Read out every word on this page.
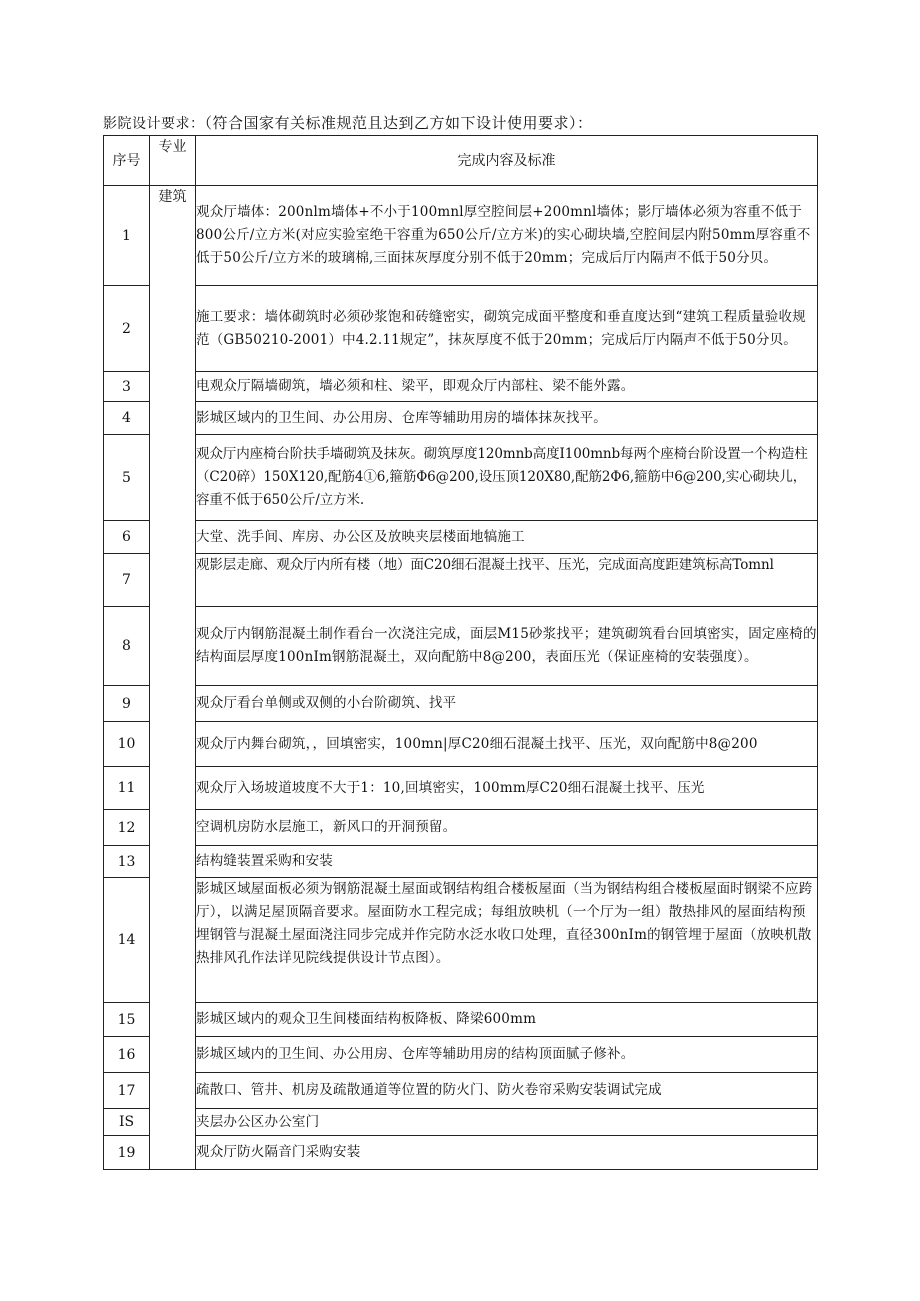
影院设计要求：（符合国家有关标准规范且达到乙方如下设计使用要求）：
序号	专业	完成内容及标准
1	建筑	观众厅墙体：200nlm墙体+不小于100mnl厚空腔间层+200mnl墙体；影厅墙体必须为容重不低于800公斤/立方米(对应实验室绝干容重为650公斤/立方米)的实心砌块墙,空腔间层内附50mm厚容重不低于50公斤/立方米的玻璃棉,三面抹灰厚度分别不低于20mm；完成后厅内隔声不低于50分贝。
2		施工要求：墙体砌筑时必须砂浆饱和砖缝密实，砌筑完成面平整度和垂直度达到“建筑工程质量验收规范（GB50210-2001）中4.2.11规定”，抹灰厚度不低于20mm；完成后厅内隔声不低于50分贝。
3		电观众厅隔墙砌筑，墙必须和柱、梁平，即观众厅内部柱、梁不能外露。
4		影城区域内的卫生间、办公用房、仓库等辅助用房的墙体抹灰找平。
5		观众厅内座椅台阶扶手墙砌筑及抹灰。砌筑厚度120mnb高度I100mnb每两个座椅台阶设置一个构造柱（C20碎）150X120,配筋4①6,箍筋Φ6@200,设压顶120X80,配筋2Φ6,箍筋中6@200,实心砌块儿，容重不低于650公斤/立方米.
6		大堂、洗手间、库房、办公区及放映夹层楼面地犒施工
7		观影层走廊、观众厅内所有楼（地）面C20细石混凝土找平、压光，完成面高度距建筑标高Tomnl
8		观众厅内钢筋混凝土制作看台一次浇注完成，面层M15砂浆找平；建筑砌筑看台回填密实，固定座椅的结构面层厚度100nIm钢筋混凝土，双向配筋中8@200，表面压光（保证座椅的安装强度）。
9		观众厅看台单侧或双侧的小台阶砌筑、找平
10		观众厅内舞台砌筑，，回填密实，100mn|厚C20细石混凝土找平、压光，双向配筋中8@200
11		观众厅入场坡道坡度不大于1：10,回填密实，100mm厚C20细石混凝土找平、压光
12		空调机房防水层施工，新风口的开洞预留。
13		结构缝装置采购和安装
14		影城区域屋面板必须为钢筋混凝土屋面或钢结构组合楼板屋面（当为钢结构组合楼板屋面时钢梁不应跨厅），以满足屋顶隔音要求。屋面防水工程完成；每组放映机（一个厅为一组）散热排风的屋面结构预埋钢管与混凝土屋面浇注同步完成并作完防水泛水收口处理，直径300nIm的钢管埋于屋面（放映机散热排风孔作法详见院线提供设计节点图）。
15		影城区域内的观众卫生间楼面结构板降板、降梁600mm
16		影城区域内的卫生间、办公用房、仓库等辅助用房的结构顶面腻子修补。
17		疏散口、管井、机房及疏散通道等位置的防火门、防火卷帘采购安装调试完成
IS		夹层办公区办公室门
19		观众厅防火隔音门采购安装
